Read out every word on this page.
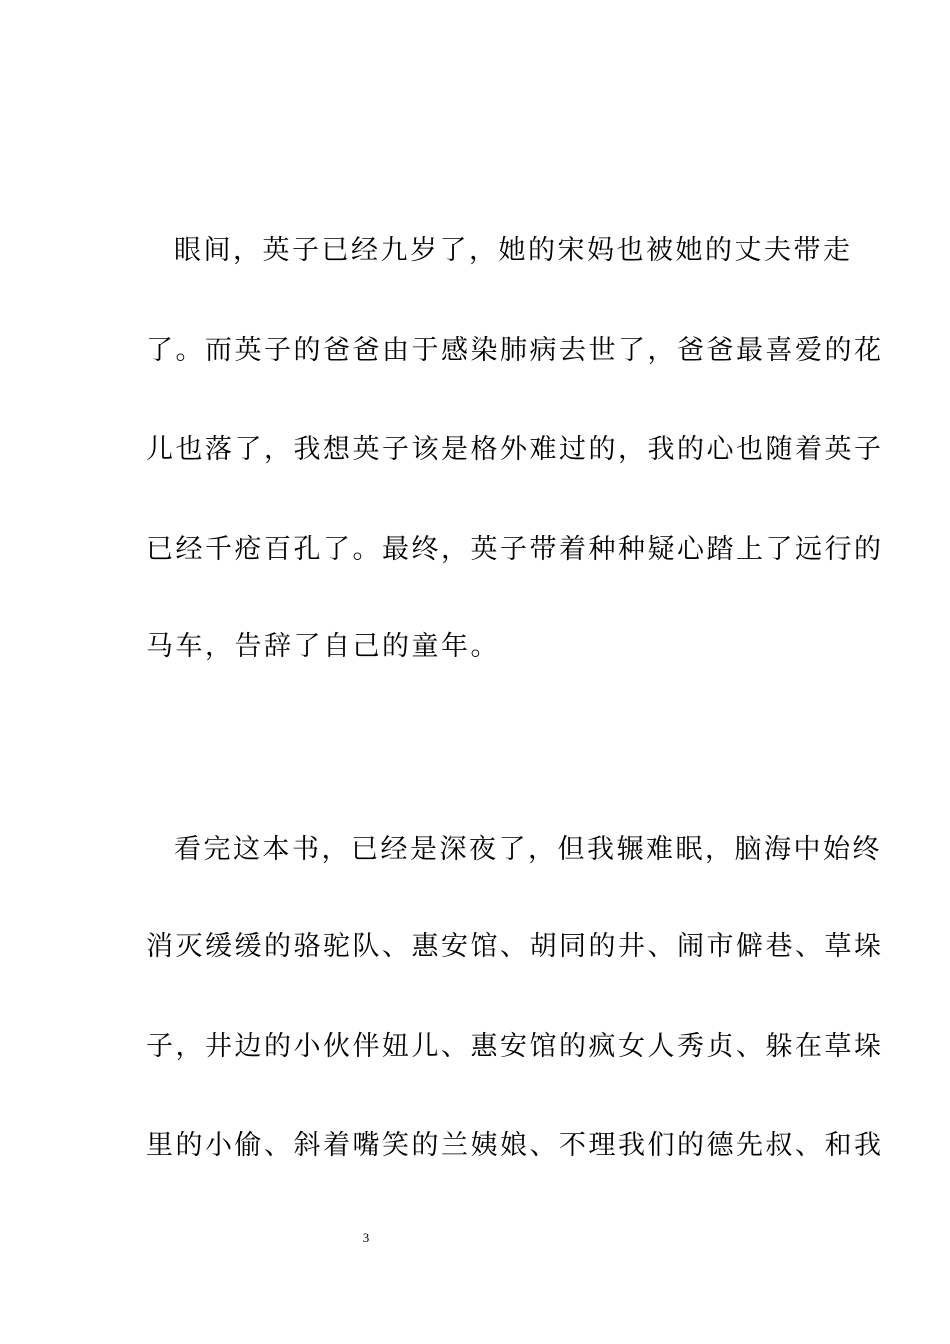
眼间，英子已经九岁了，她的宋妈也被她的丈夫带走
了。而英子的爸爸由于感染肺病去世了，爸爸最喜爱的花
儿也落了，我想英子该是格外难过的，我的心也随着英子
已经千疮百孔了。最终，英子带着种种疑心踏上了远行的
马车，告辞了自己的童年。
看完这本书，已经是深夜了，但我辗难眠，脑海中始终
消灭缓缓的骆驼队、惠安馆、胡同的井、闹市僻巷、草垛
子，井边的小伙伴妞儿、惠安馆的疯女人秀贞、躲在草垛
里的小偷、斜着嘴笑的兰姨娘、不理我们的德先叔、和我
3
